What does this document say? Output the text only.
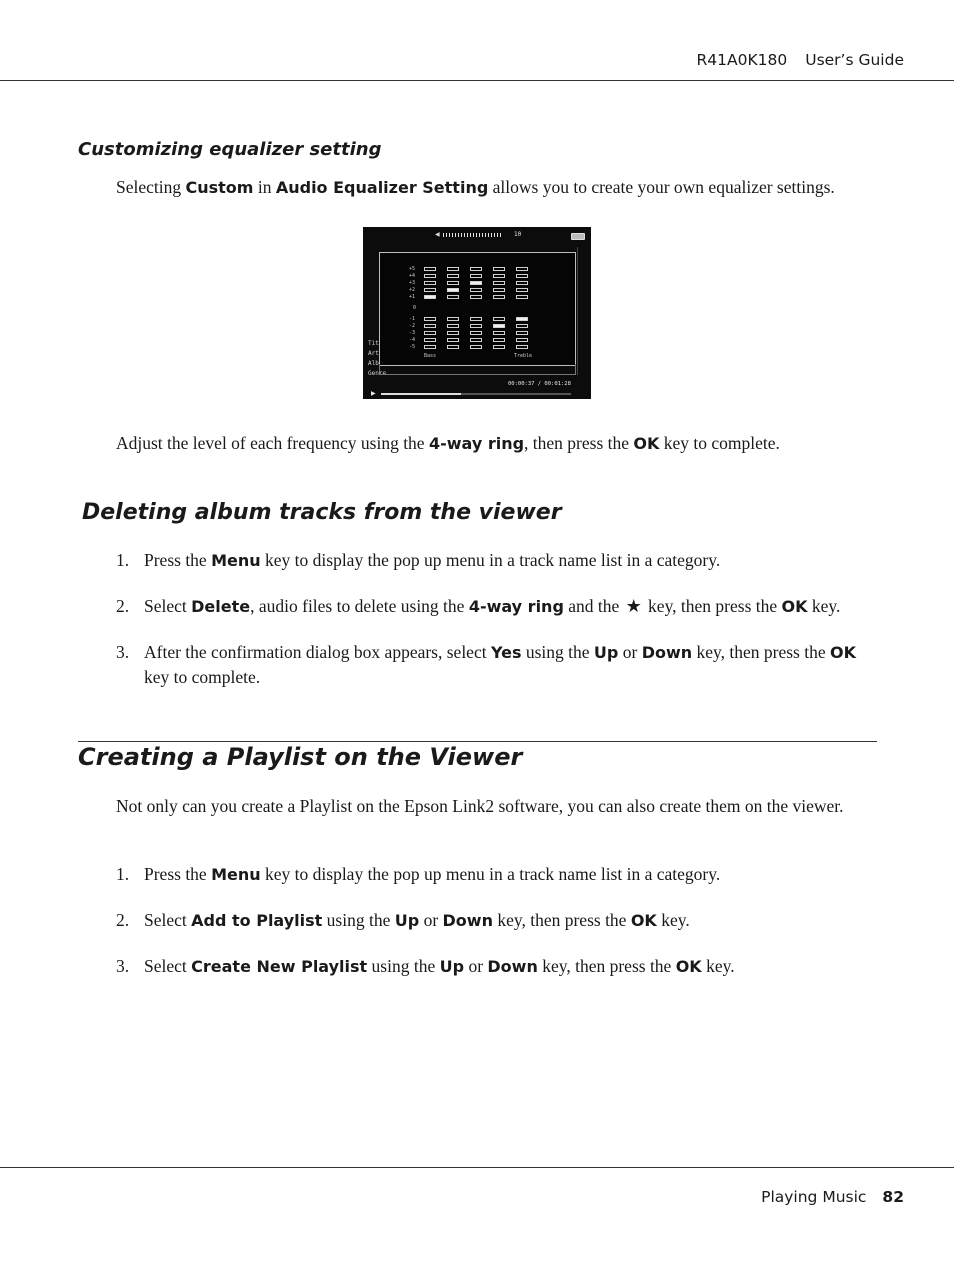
R41A0K180 User’s Guide
Customizing equalizer setting
Selecting Custom in Audio Equalizer Setting allows you to create your own equalizer settings.
◀	10
Tit
Art
Alb
Genre
+5
+4
+3
+2
+1
0
-1
-2
-3
-4
-5
Bass	Treble
00:00:37 / 00:01:28
▶
Adjust the level of each frequency using the 4-way ring, then press the OK key to complete.
Deleting album tracks from the viewer
1. Press the Menu key to display the pop up menu in a track name list in a category.
2. Select Delete, audio files to delete using the 4-way ring and the ★ key, then press the OK key.
3. After the confirmation dialog box appears, select Yes using the Up or Down key, then press the OK key to complete.
Creating a Playlist on the Viewer
Not only can you create a Playlist on the Epson Link2 software, you can also create them on the viewer.
1. Press the Menu key to display the pop up menu in a track name list in a category.
2. Select Add to Playlist using the Up or Down key, then press the OK key.
3. Select Create New Playlist using the Up or Down key, then press the OK key.
Playing Music 82
